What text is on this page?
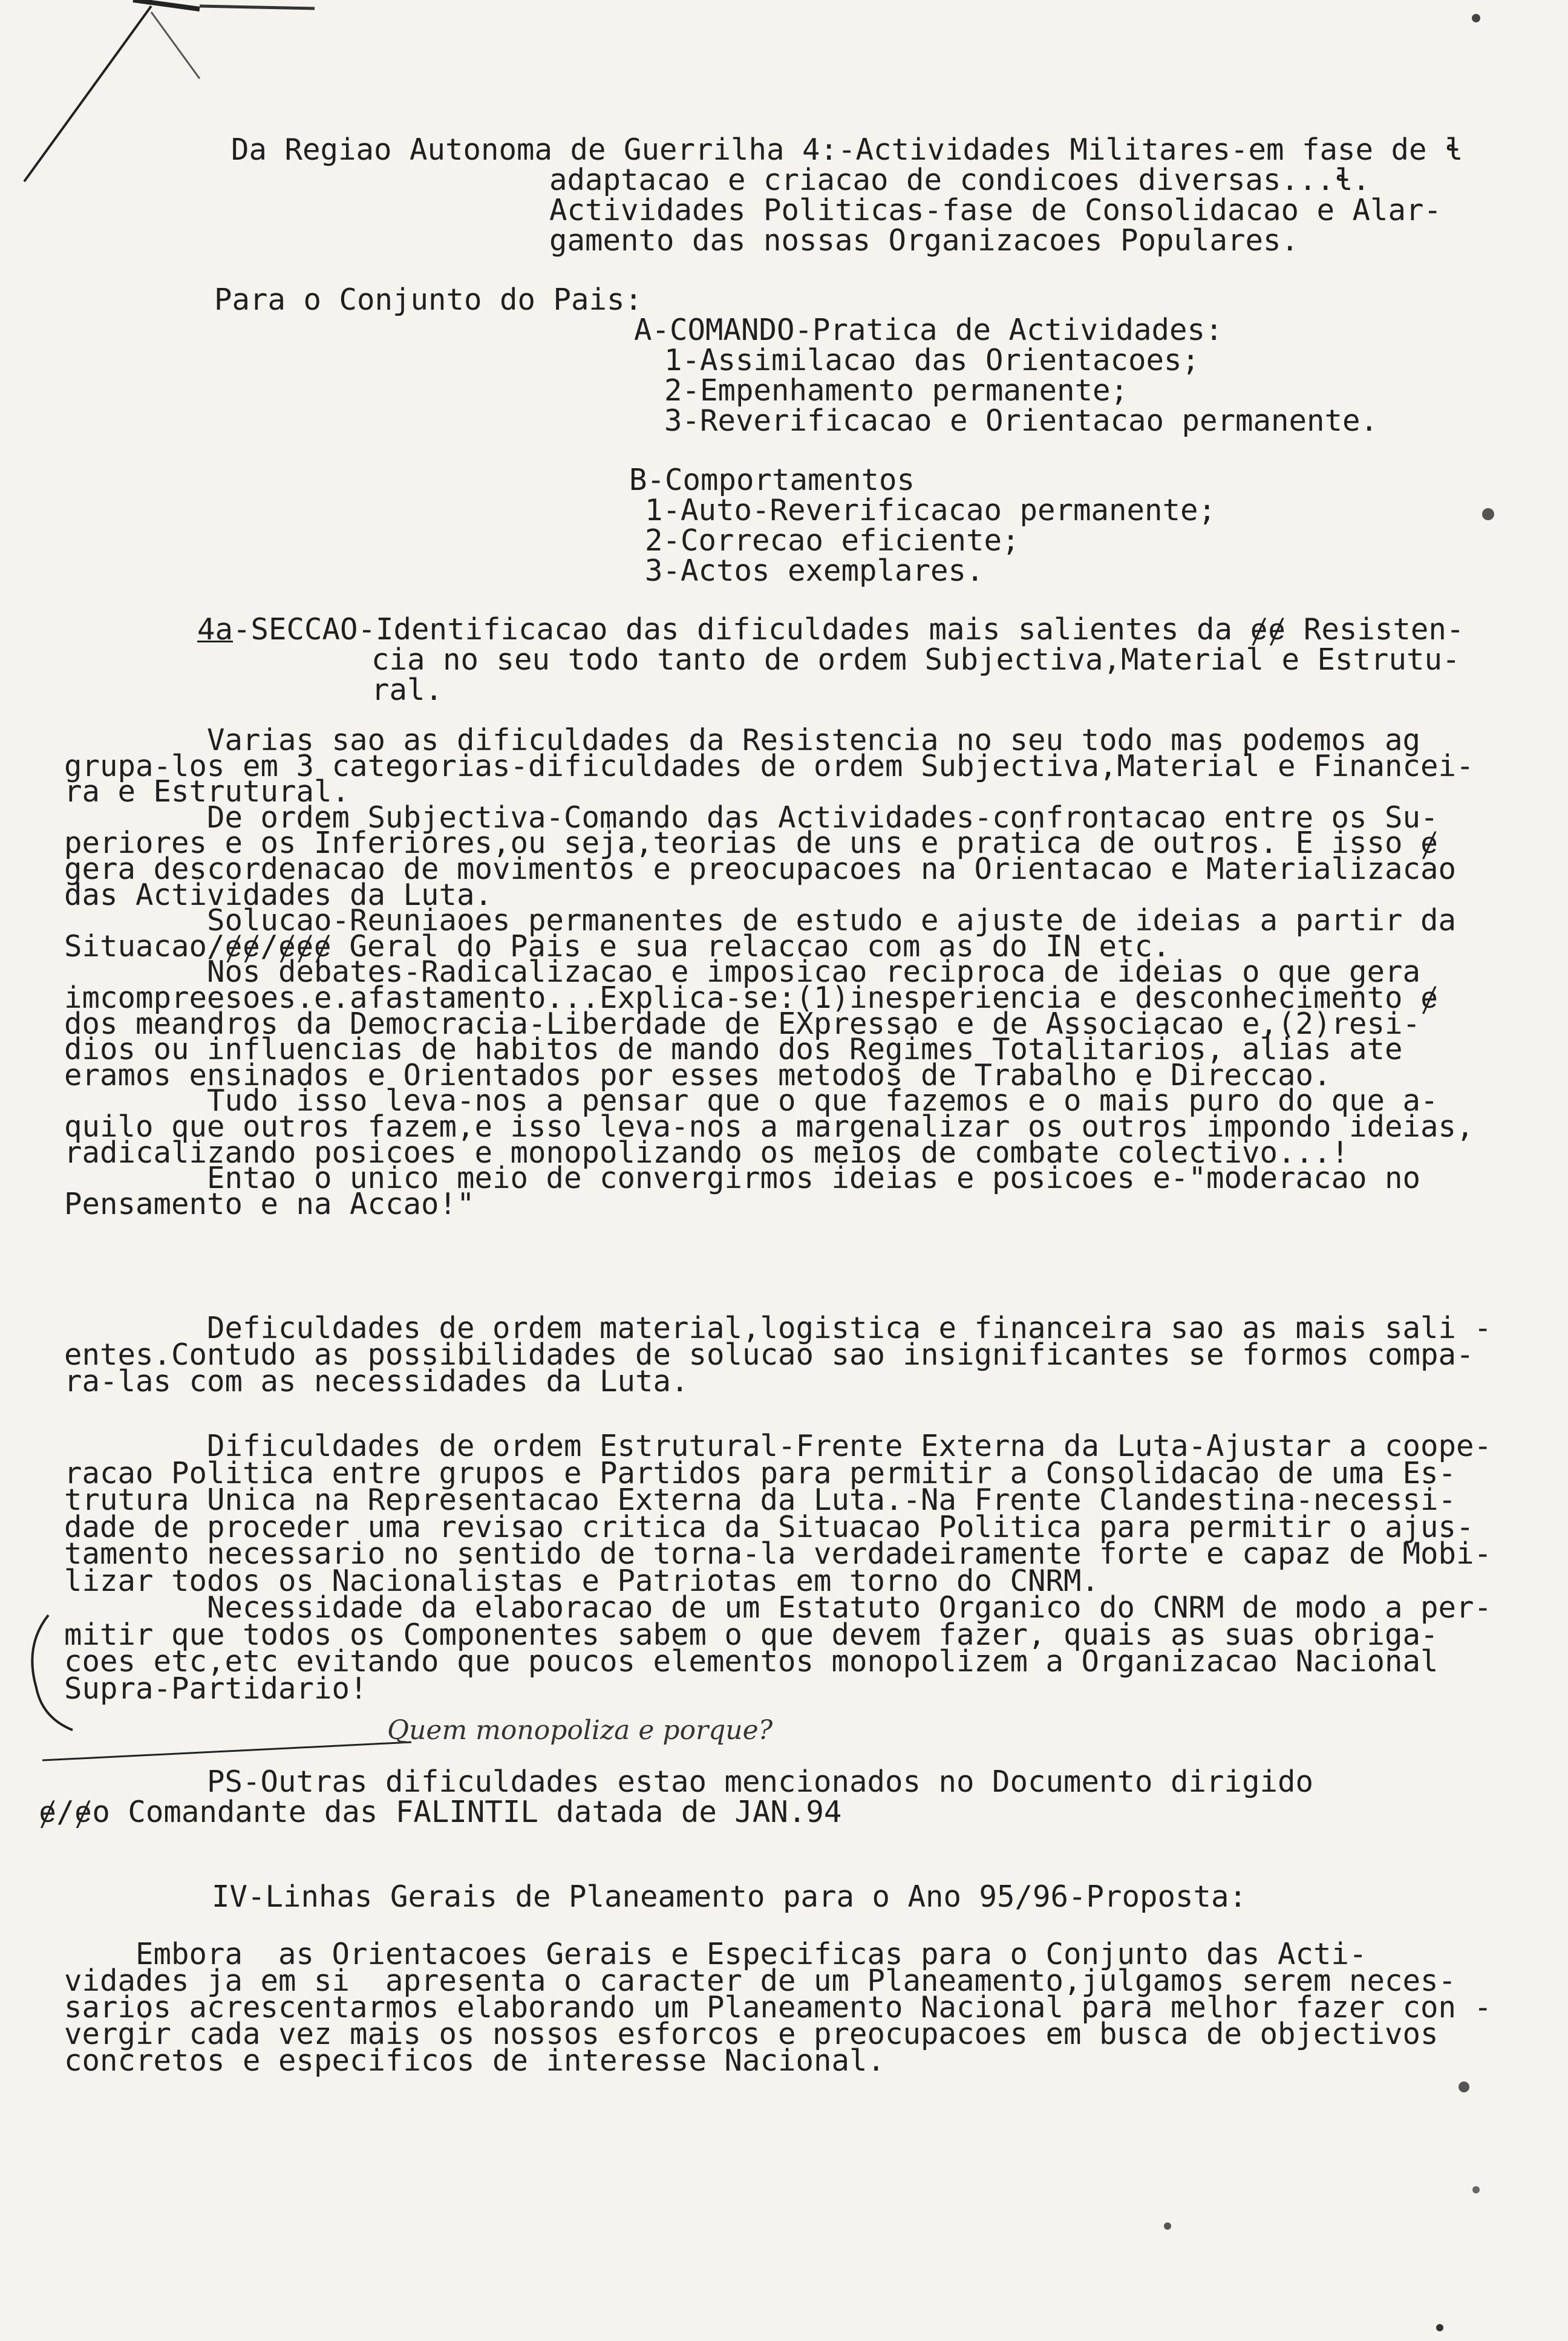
Da Regiao Autonoma de Guerrilha 4:-Actividades Militares-em fase de ɬ
adaptacao e criacao de condicoes diversas...ɬ.
Actividades Politicas-fase de Consolidacao e Alar-
gamento das nossas Organizacoes Populares.
Para o Conjunto do Pais:
A-COMANDO-Pratica de Actividades:
1-Assimilacao das Orientacoes;
2-Empenhamento permanente;
3-Reverificacao e Orientacao permanente.
B-Comportamentos
1-Auto-Reverificacao permanente;
2-Correcao eficiente;
3-Actos exemplares.
4a-SECCAO-Identificacao das dificuldades mais salientes da ɇɇ Resisten-
cia no seu todo tanto de ordem Subjectiva,Material e Estrutu-
ral.
Varias sao as dificuldades da Resistencia no seu todo mas podemos ag
grupa-los em 3 categorias-dificuldades de ordem Subjectiva,Material e Financei-
ra e Estrutural.
De ordem Subjectiva-Comando das Actividades-confrontacao entre os Su-
periores e os Inferiores,ou seja,teorias de uns e pratica de outros. E isso ɇ
gera descordenacao de movimentos e preocupacoes na Orientacao e Materializacao
das Actividades da Luta.
Solucao-Reuniaoes permanentes de estudo e ajuste de ideias a partir da
Situacao/ɇɇ/ɇɇɇ Geral do Pais e sua relaccao com as do IN etc.
Nos debates-Radicalizacao e imposicao reciproca de ideias o que gera
imcompreesoes.e.afastamento...Explica-se:(1)inesperiencia e desconhecimento ɇ
dos meandros da Democracia-Liberdade de EXpressao e de Associacao e,(2)resi-
dios ou influencias de habitos de mando dos Regimes Totalitarios, alias ate
eramos ensinados e Orientados por esses metodos de Trabalho e Direccao.
Tudo isso leva-nos a pensar que o que fazemos e o mais puro do que a-
quilo que outros fazem,e isso leva-nos a margenalizar os outros impondo ideias,
radicalizando posicoes e monopolizando os meios de combate colectivo...!
Entao o unico meio de convergirmos ideias e posicoes e-"moderacao no
Pensamento e na Accao!"
Deficuldades de ordem material,logistica e financeira sao as mais sali -
entes.Contudo as possibilidades de solucao sao insignificantes se formos compa-
ra-las com as necessidades da Luta.
Dificuldades de ordem Estrutural-Frente Externa da Luta-Ajustar a coope-
racao Politica entre grupos e Partidos para permitir a Consolidacao de uma Es-
trutura Unica na Representacao Externa da Luta.-Na Frente Clandestina-necessi-
dade de proceder uma revisao critica da Situacao Politica para permitir o ajus-
tamento necessario no sentido de torna-la verdadeiramente forte e capaz de Mobi-
lizar todos os Nacionalistas e Patriotas em torno do CNRM.
Necessidade da elaboracao de um Estatuto Organico do CNRM de modo a per-
mitir que todos os Componentes sabem o que devem fazer, quais as suas obriga-
coes etc,etc evitando que poucos elementos monopolizem a Organizacao Nacional
Supra-Partidario!
Quem monopoliza e porque?
PS-Outras dificuldades estao mencionados no Documento dirigido
ɇ/ɇo Comandante das FALINTIL datada de JAN.94
IV-Linhas Gerais de Planeamento para o Ano 95/96-Proposta:
Embora  as Orientacoes Gerais e Especificas para o Conjunto das Acti-
vidades ja em si  apresenta o caracter de um Planeamento,julgamos serem neces-
sarios acrescentarmos elaborando um Planeamento Nacional para melhor fazer con -
vergir cada vez mais os nossos esforcos e preocupacoes em busca de objectivos
concretos e especificos de interesse Nacional.
